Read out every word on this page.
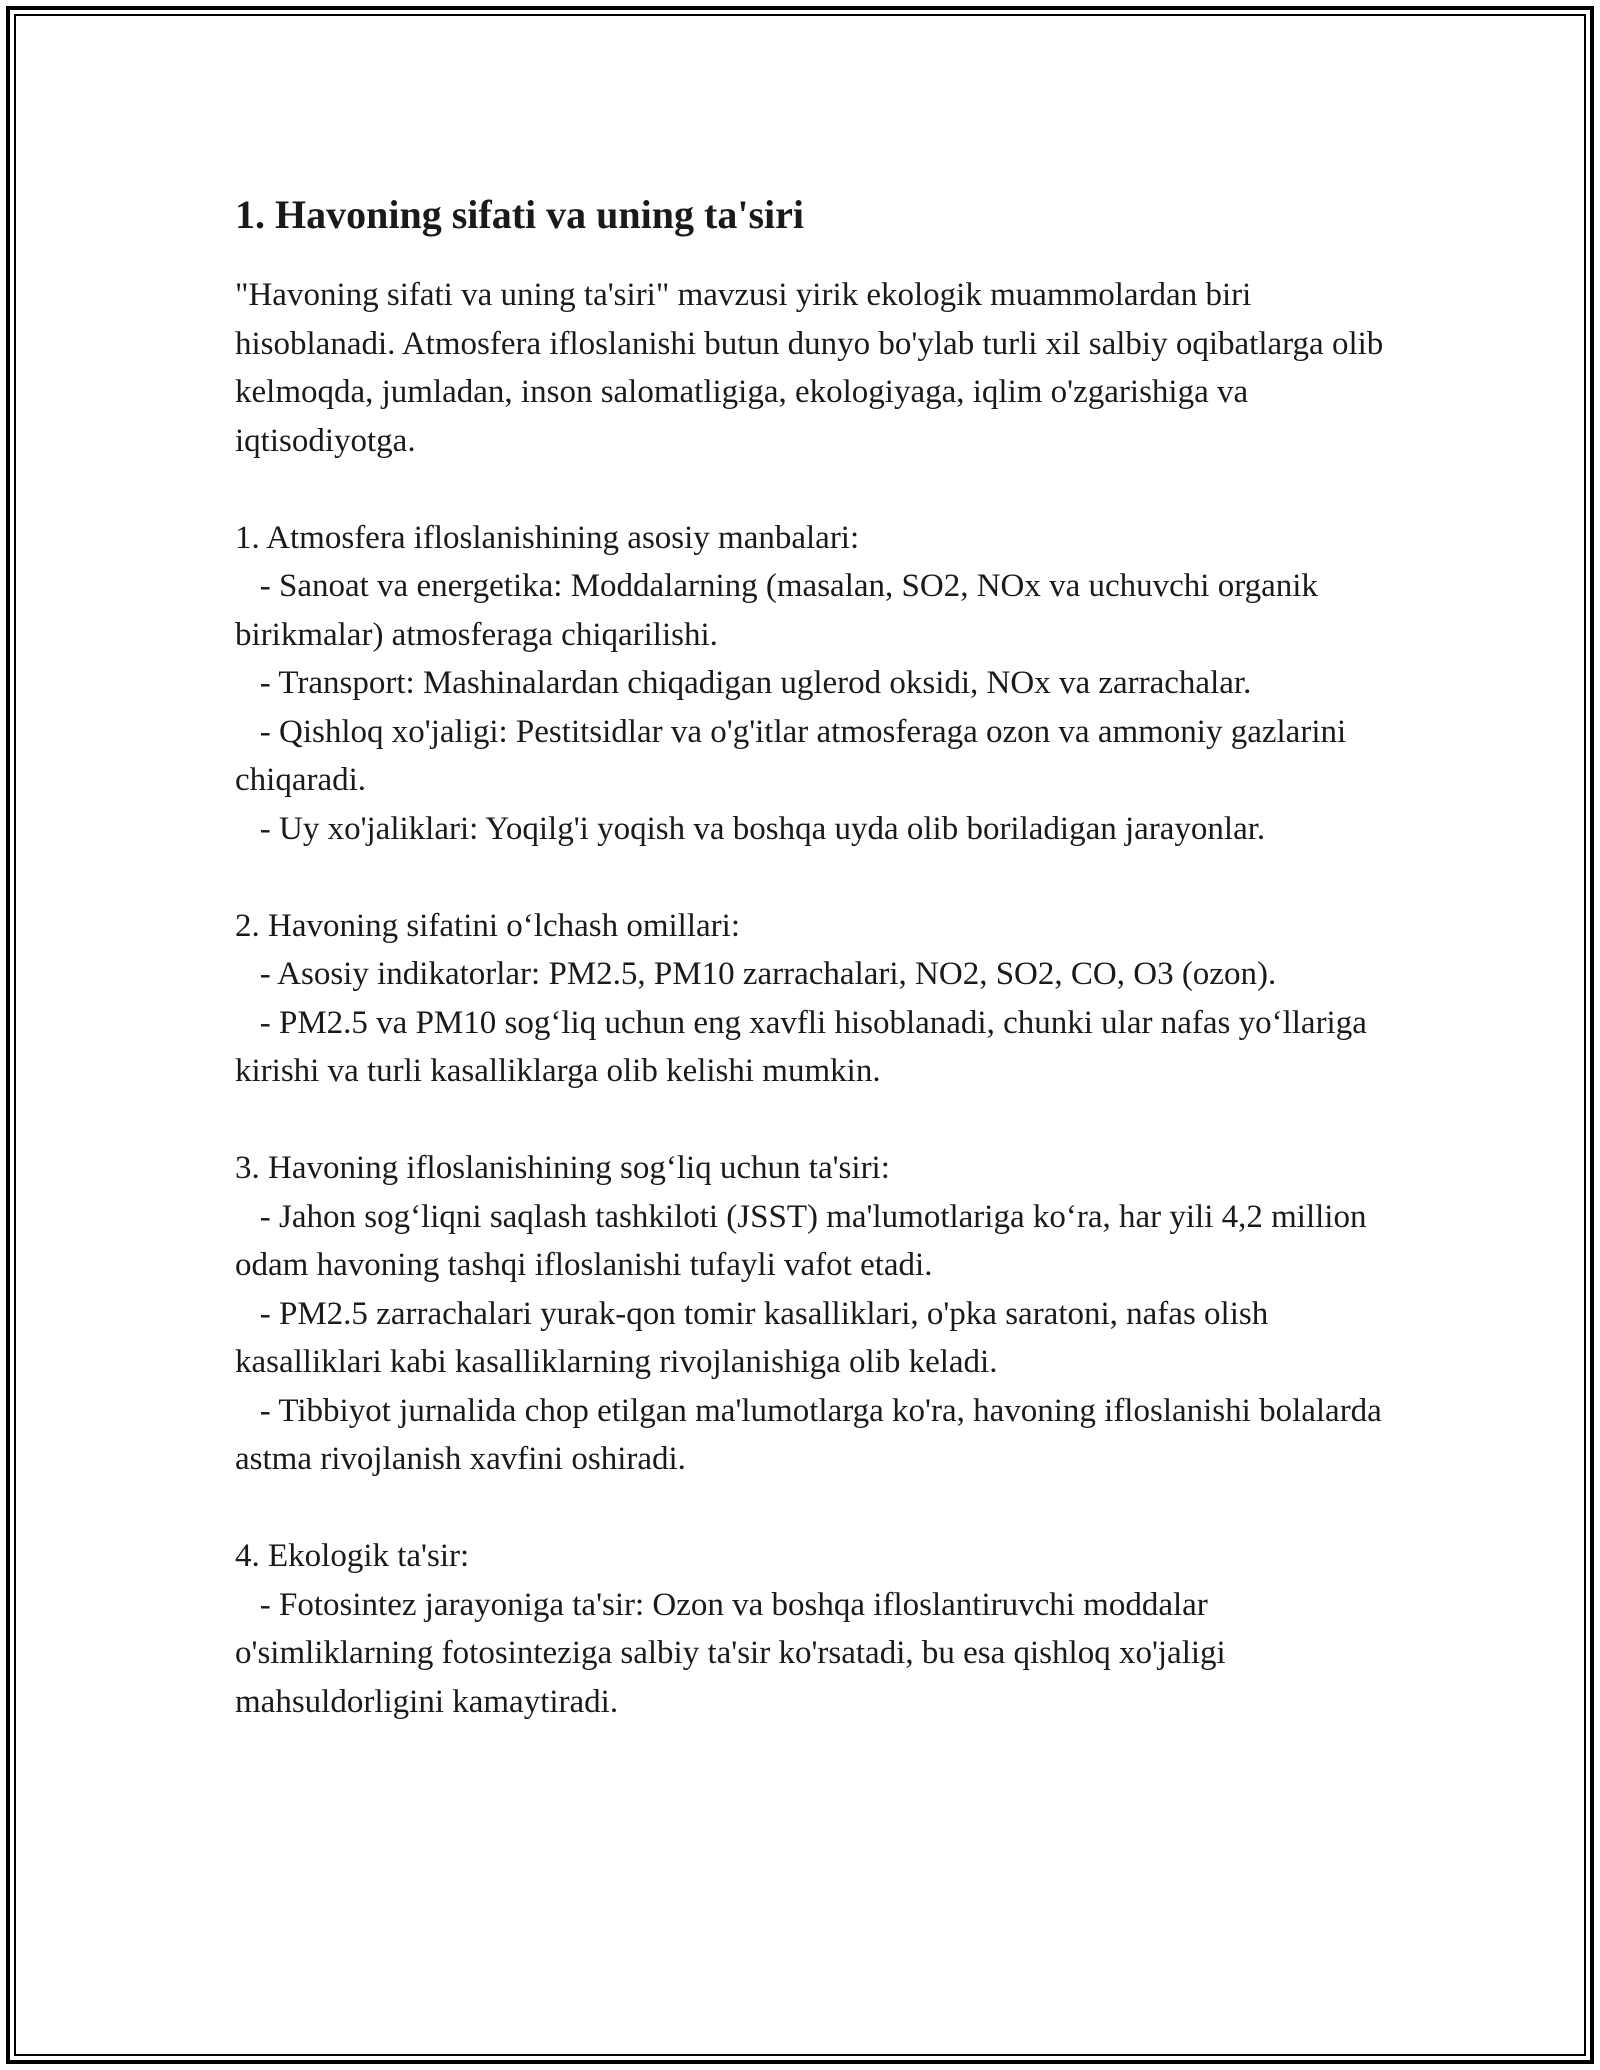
1. Havoning sifati va uning ta'siri

"Havoning sifati va uning ta'siri" mavzusi yirik ekologik muammolardan biri hisoblanadi. Atmosfera ifloslanishi butun dunyo bo'ylab turli xil salbiy oqibatlarga olib kelmoqda, jumladan, inson salomatligiga, ekologiyaga, iqlim o'zgarishiga va iqtisodiyotga.

1. Atmosfera ifloslanishining asosiy manbalari:

- Sanoat va energetika: Moddalarning (masalan, SO2, NOx va uchuvchi organik birikmalar) atmosferaga chiqarilishi.

- Transport: Mashinalardan chiqadigan uglerod oksidi, NOx va zarrachalar.

- Qishloq xo'jaligi: Pestitsidlar va o'g'itlar atmosferaga ozon va ammoniy gazlarini chiqaradi.

- Uy xo'jaliklari: Yoqilg'i yoqish va boshqa uyda olib boriladigan jarayonlar.

2. Havoning sifatini o‘lchash omillari:

- Asosiy indikatorlar: PM2.5, PM10 zarrachalari, NO2, SO2, CO, O3 (ozon).

- PM2.5 va PM10 sog‘liq uchun eng xavfli hisoblanadi, chunki ular nafas yo‘llariga kirishi va turli kasalliklarga olib kelishi mumkin.

3. Havoning ifloslanishining sog‘liq uchun ta'siri:

- Jahon sog‘liqni saqlash tashkiloti (JSST) ma'lumotlariga ko‘ra, har yili 4,2 million odam havoning tashqi ifloslanishi tufayli vafot etadi.

- PM2.5 zarrachalari yurak-qon tomir kasalliklari, o'pka saratoni, nafas olish kasalliklari kabi kasalliklarning rivojlanishiga olib keladi.

- Tibbiyot jurnalida chop etilgan ma'lumotlarga ko'ra, havoning ifloslanishi bolalarda astma rivojlanish xavfini oshiradi.

4. Ekologik ta'sir:

- Fotosintez jarayoniga ta'sir: Ozon va boshqa ifloslantiruvchi moddalar o'simliklarning fotosinteziga salbiy ta'sir ko'rsatadi, bu esa qishloq xo'jaligi mahsuldorligini kamaytiradi.
